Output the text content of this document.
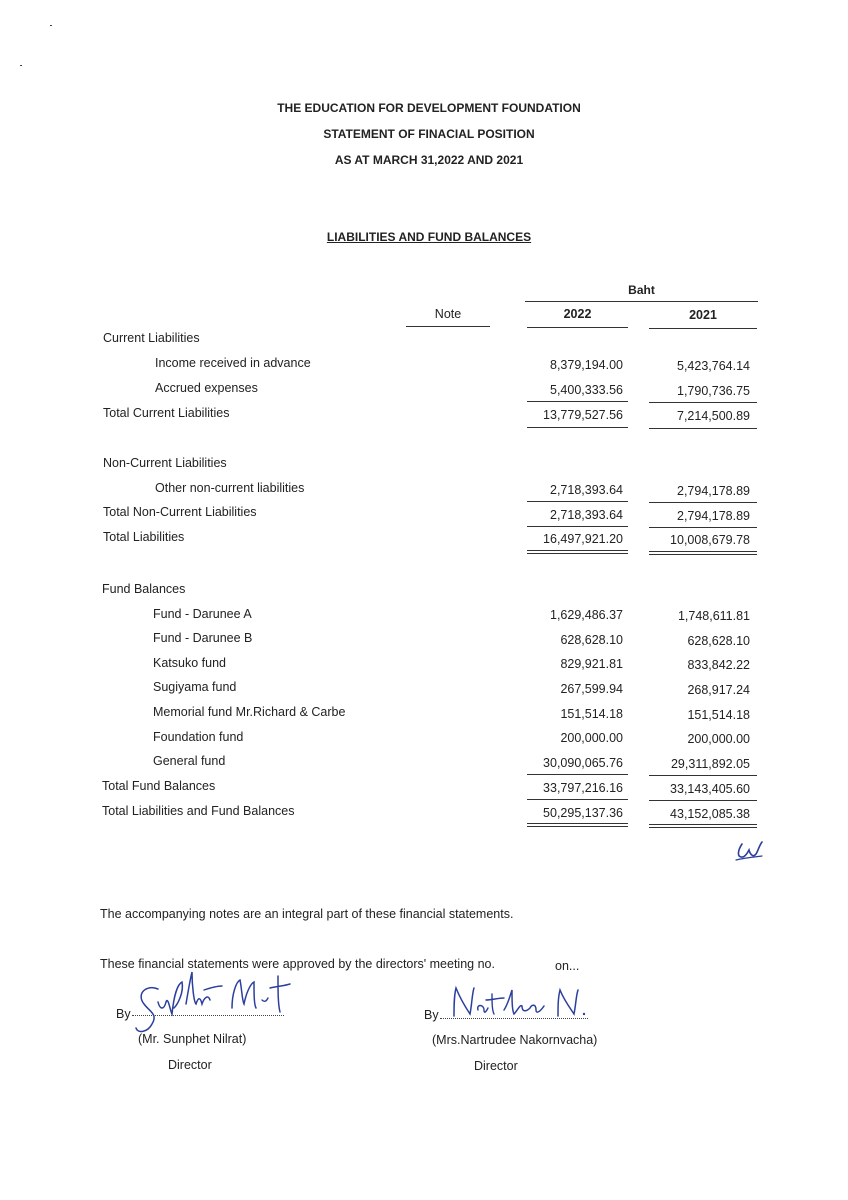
THE EDUCATION FOR DEVELOPMENT FOUNDATION
STATEMENT OF FINACIAL POSITION
AS AT MARCH 31,2022 AND 2021
LIABILITIES AND FUND BALANCES
Baht
Note	2022	2021
Current Liabilities
Income received in advance	8,379,194.00	5,423,764.14
Accrued expenses	5,400,333.56	1,790,736.75
Total Current Liabilities	13,779,527.56	7,214,500.89
Non-Current Liabilities
Other non-current liabilities	2,718,393.64	2,794,178.89
Total Non-Current Liabilities	2,718,393.64	2,794,178.89
Total Liabilities	16,497,921.20	10,008,679.78
Fund Balances
Fund - Darunee A	1,629,486.37	1,748,611.81
Fund - Darunee B	628,628.10	628,628.10
Katsuko fund	829,921.81	833,842.22
Sugiyama fund	267,599.94	268,917.24
Memorial fund Mr.Richard & Carbe	151,514.18	151,514.18
Foundation fund	200,000.00	200,000.00
General fund	30,090,065.76	29,311,892.05
Total Fund Balances	33,797,216.16	33,143,405.60
Total Liabilities and Fund Balances	50,295,137.36	43,152,085.38
The accompanying notes are an integral part of these financial statements.
These financial statements were approved by the directors' meeting no.	on...
By
(Mr. Sunphet Nilrat)
Director
By
(Mrs.Nartrudee Nakornvacha)
Director
